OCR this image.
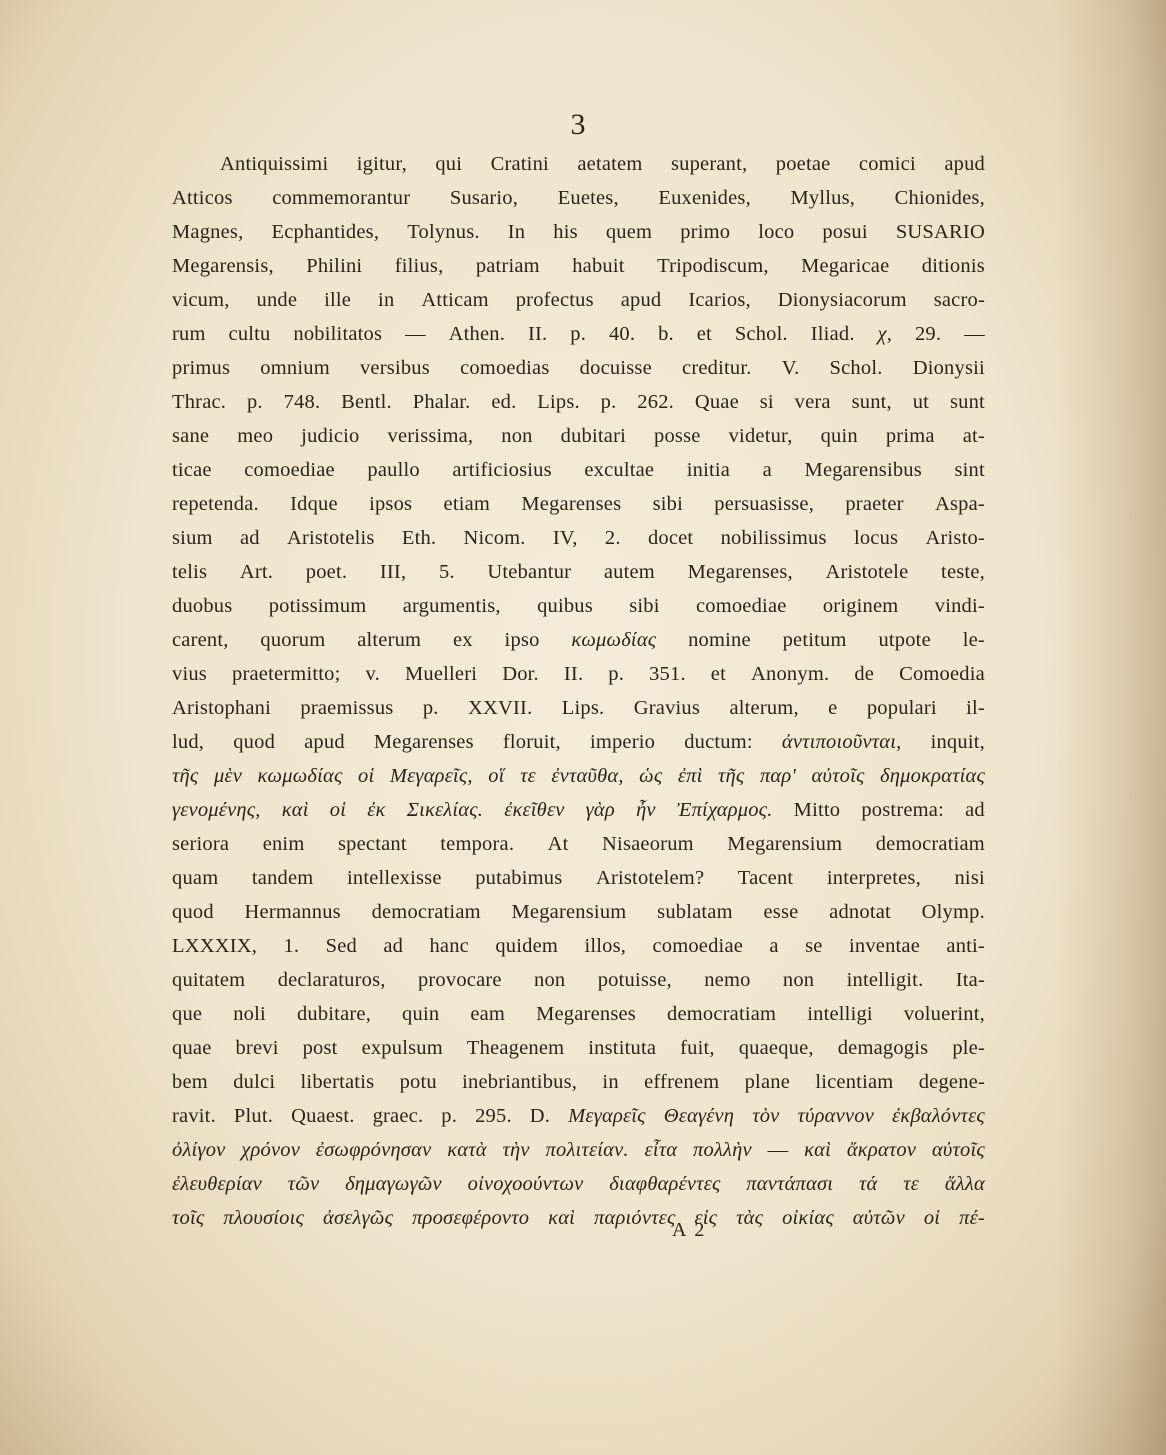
3
Antiquissimi igitur, qui Cratini aetatem superant, poetae comici apud
Atticos commemorantur Susario, Euetes, Euxenides, Myllus, Chionides,
Magnes, Ecphantides, Tolynus. In his quem primo loco posui SUSARIO
Megarensis, Philini filius, patriam habuit Tripodiscum, Megaricae ditionis
vicum, unde ille in Atticam profectus apud Icarios, Dionysiacorum sacro-
rum cultu nobilitatos — Athen. II. p. 40. b. et Schol. Iliad. χ, 29. —
primus omnium versibus comoedias docuisse creditur. V. Schol. Dionysii
Thrac. p. 748. Bentl. Phalar. ed. Lips. p. 262. Quae si vera sunt, ut sunt
sane meo judicio verissima, non dubitari posse videtur, quin prima at-
ticae comoediae paullo artificiosius excultae initia a Megarensibus sint
repetenda. Idque ipsos etiam Megarenses sibi persuasisse, praeter Aspa-
sium ad Aristotelis Eth. Nicom. IV, 2. docet nobilissimus locus Aristo-
telis Art. poet. III, 5. Utebantur autem Megarenses, Aristotele teste,
duobus potissimum argumentis, quibus sibi comoediae originem vindi-
carent, quorum alterum ex ipso κωμωδίας nomine petitum utpote le-
vius praetermitto; v. Muelleri Dor. II. p. 351. et Anonym. de Comoedia
Aristophani praemissus p. XXVII. Lips. Gravius alterum, e populari il-
lud, quod apud Megarenses floruit, imperio ductum: ἀντιποιοῦνται, inquit,
τῆς μὲν κωμωδίας οἱ Μεγαρεῖς, οἵ τε ἐνταῦθα, ὡς ἐπὶ τῆς παρ' αὐτοῖς δημοκρατίας
γενομένης, καὶ οἱ ἐκ Σικελίας. ἐκεῖθεν γὰρ ἦν Ἐπίχαρμος. Mitto postrema: ad
seriora enim spectant tempora. At Nisaeorum Megarensium democratiam
quam tandem intellexisse putabimus Aristotelem? Tacent interpretes, nisi
quod Hermannus democratiam Megarensium sublatam esse adnotat Olymp.
LXXXIX, 1. Sed ad hanc quidem illos, comoediae a se inventae anti-
quitatem declaraturos, provocare non potuisse, nemo non intelligit. Ita-
que noli dubitare, quin eam Megarenses democratiam intelligi voluerint,
quae brevi post expulsum Theagenem instituta fuit, quaeque, demagogis ple-
bem dulci libertatis potu inebriantibus, in effrenem plane licentiam degene-
ravit. Plut. Quaest. graec. p. 295. D. Μεγαρεῖς Θεαγένη τὸν τύραννον ἐκβαλόντες
ὀλίγον χρόνον ἐσωφρόνησαν κατὰ τὴν πολιτείαν. εἶτα πολλὴν — καὶ ἄκρατον αὐτοῖς
ἐλευθερίαν τῶν δημαγωγῶν οἰνοχοούντων διαφθαρέντες παντάπασι τά τε ἄλλα
τοῖς πλουσίοις ἀσελγῶς προσεφέροντο καὶ παριόντες εἰς τὰς οἰκίας αὐτῶν οἱ πέ-
A 2
